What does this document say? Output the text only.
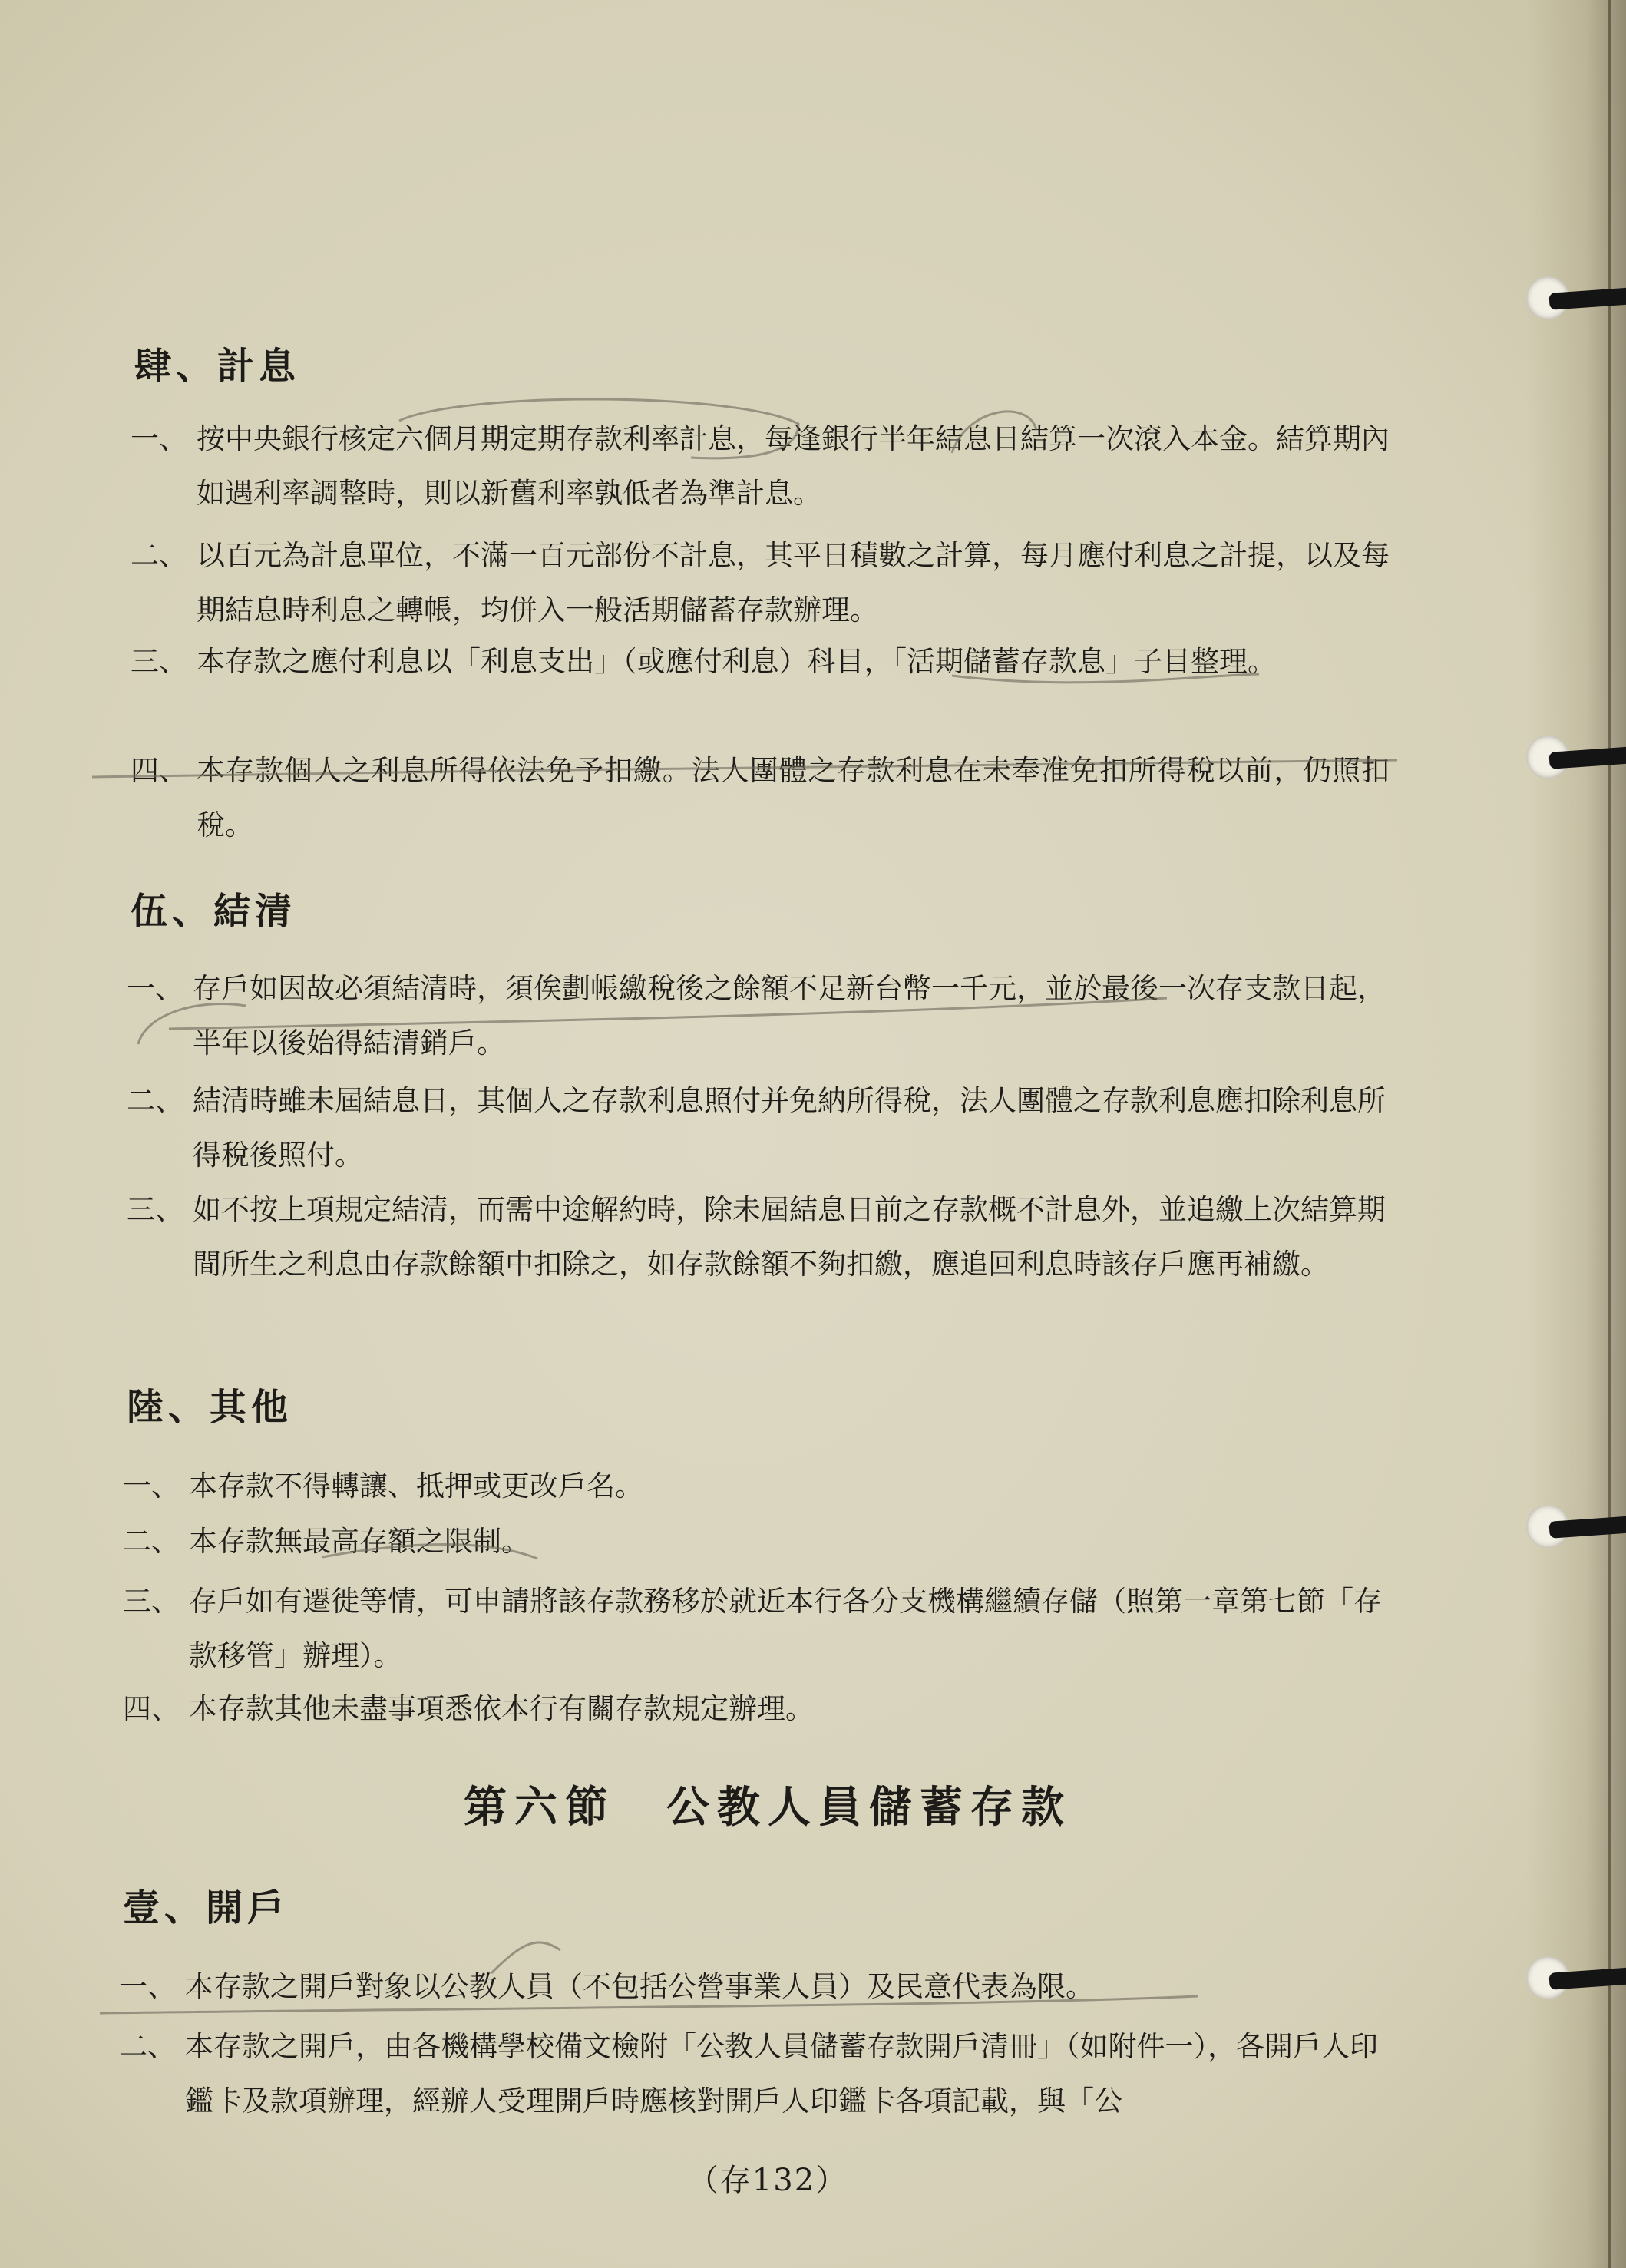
肆、計息
一、 按中央銀行核定六個月期定期存款利率計息，每逢銀行半年結息日結算一次滾入本金。結算期內如遇利率調整時，則以新舊利率孰低者為準計息。
二、 以百元為計息單位，不滿一百元部份不計息，其平日積數之計算，每月應付利息之計提，以及每期結息時利息之轉帳，均併入一般活期儲蓄存款辦理。
三、 本存款之應付利息以「利息支出」（或應付利息）科目，「活期儲蓄存款息」子目整理。
四、 本存款個人之利息所得依法免予扣繳。法人團體之存款利息在未奉准免扣所得稅以前，仍照扣稅。
伍、結清
一、 存戶如因故必須結清時，須俟劃帳繳稅後之餘額不足新台幣一千元，並於最後一次存支款日起，半年以後始得結清銷戶。
二、 結清時雖未屆結息日，其個人之存款利息照付并免納所得稅，法人團體之存款利息應扣除利息所得稅後照付。
三、 如不按上項規定結清，而需中途解約時，除未屆結息日前之存款概不計息外，並追繳上次結算期間所生之利息由存款餘額中扣除之，如存款餘額不夠扣繳，應追回利息時該存戶應再補繳。
陸、其他
一、 本存款不得轉讓、抵押或更改戶名。
二、 本存款無最高存額之限制。
三、 存戶如有遷徙等情，可申請將該存款務移於就近本行各分支機構繼續存儲（照第一章第七節「存款移管」辦理）。
四、 本存款其他未盡事項悉依本行有關存款規定辦理。
第六節　公教人員儲蓄存款
壹、開戶
一、 本存款之開戶對象以公教人員（不包括公營事業人員）及民意代表為限。
二、 本存款之開戶，由各機構學校備文檢附「公教人員儲蓄存款開戶清冊」（如附件一），各開戶人印鑑卡及款項辦理，經辦人受理開戶時應核對開戶人印鑑卡各項記載，與「公
（存132）
